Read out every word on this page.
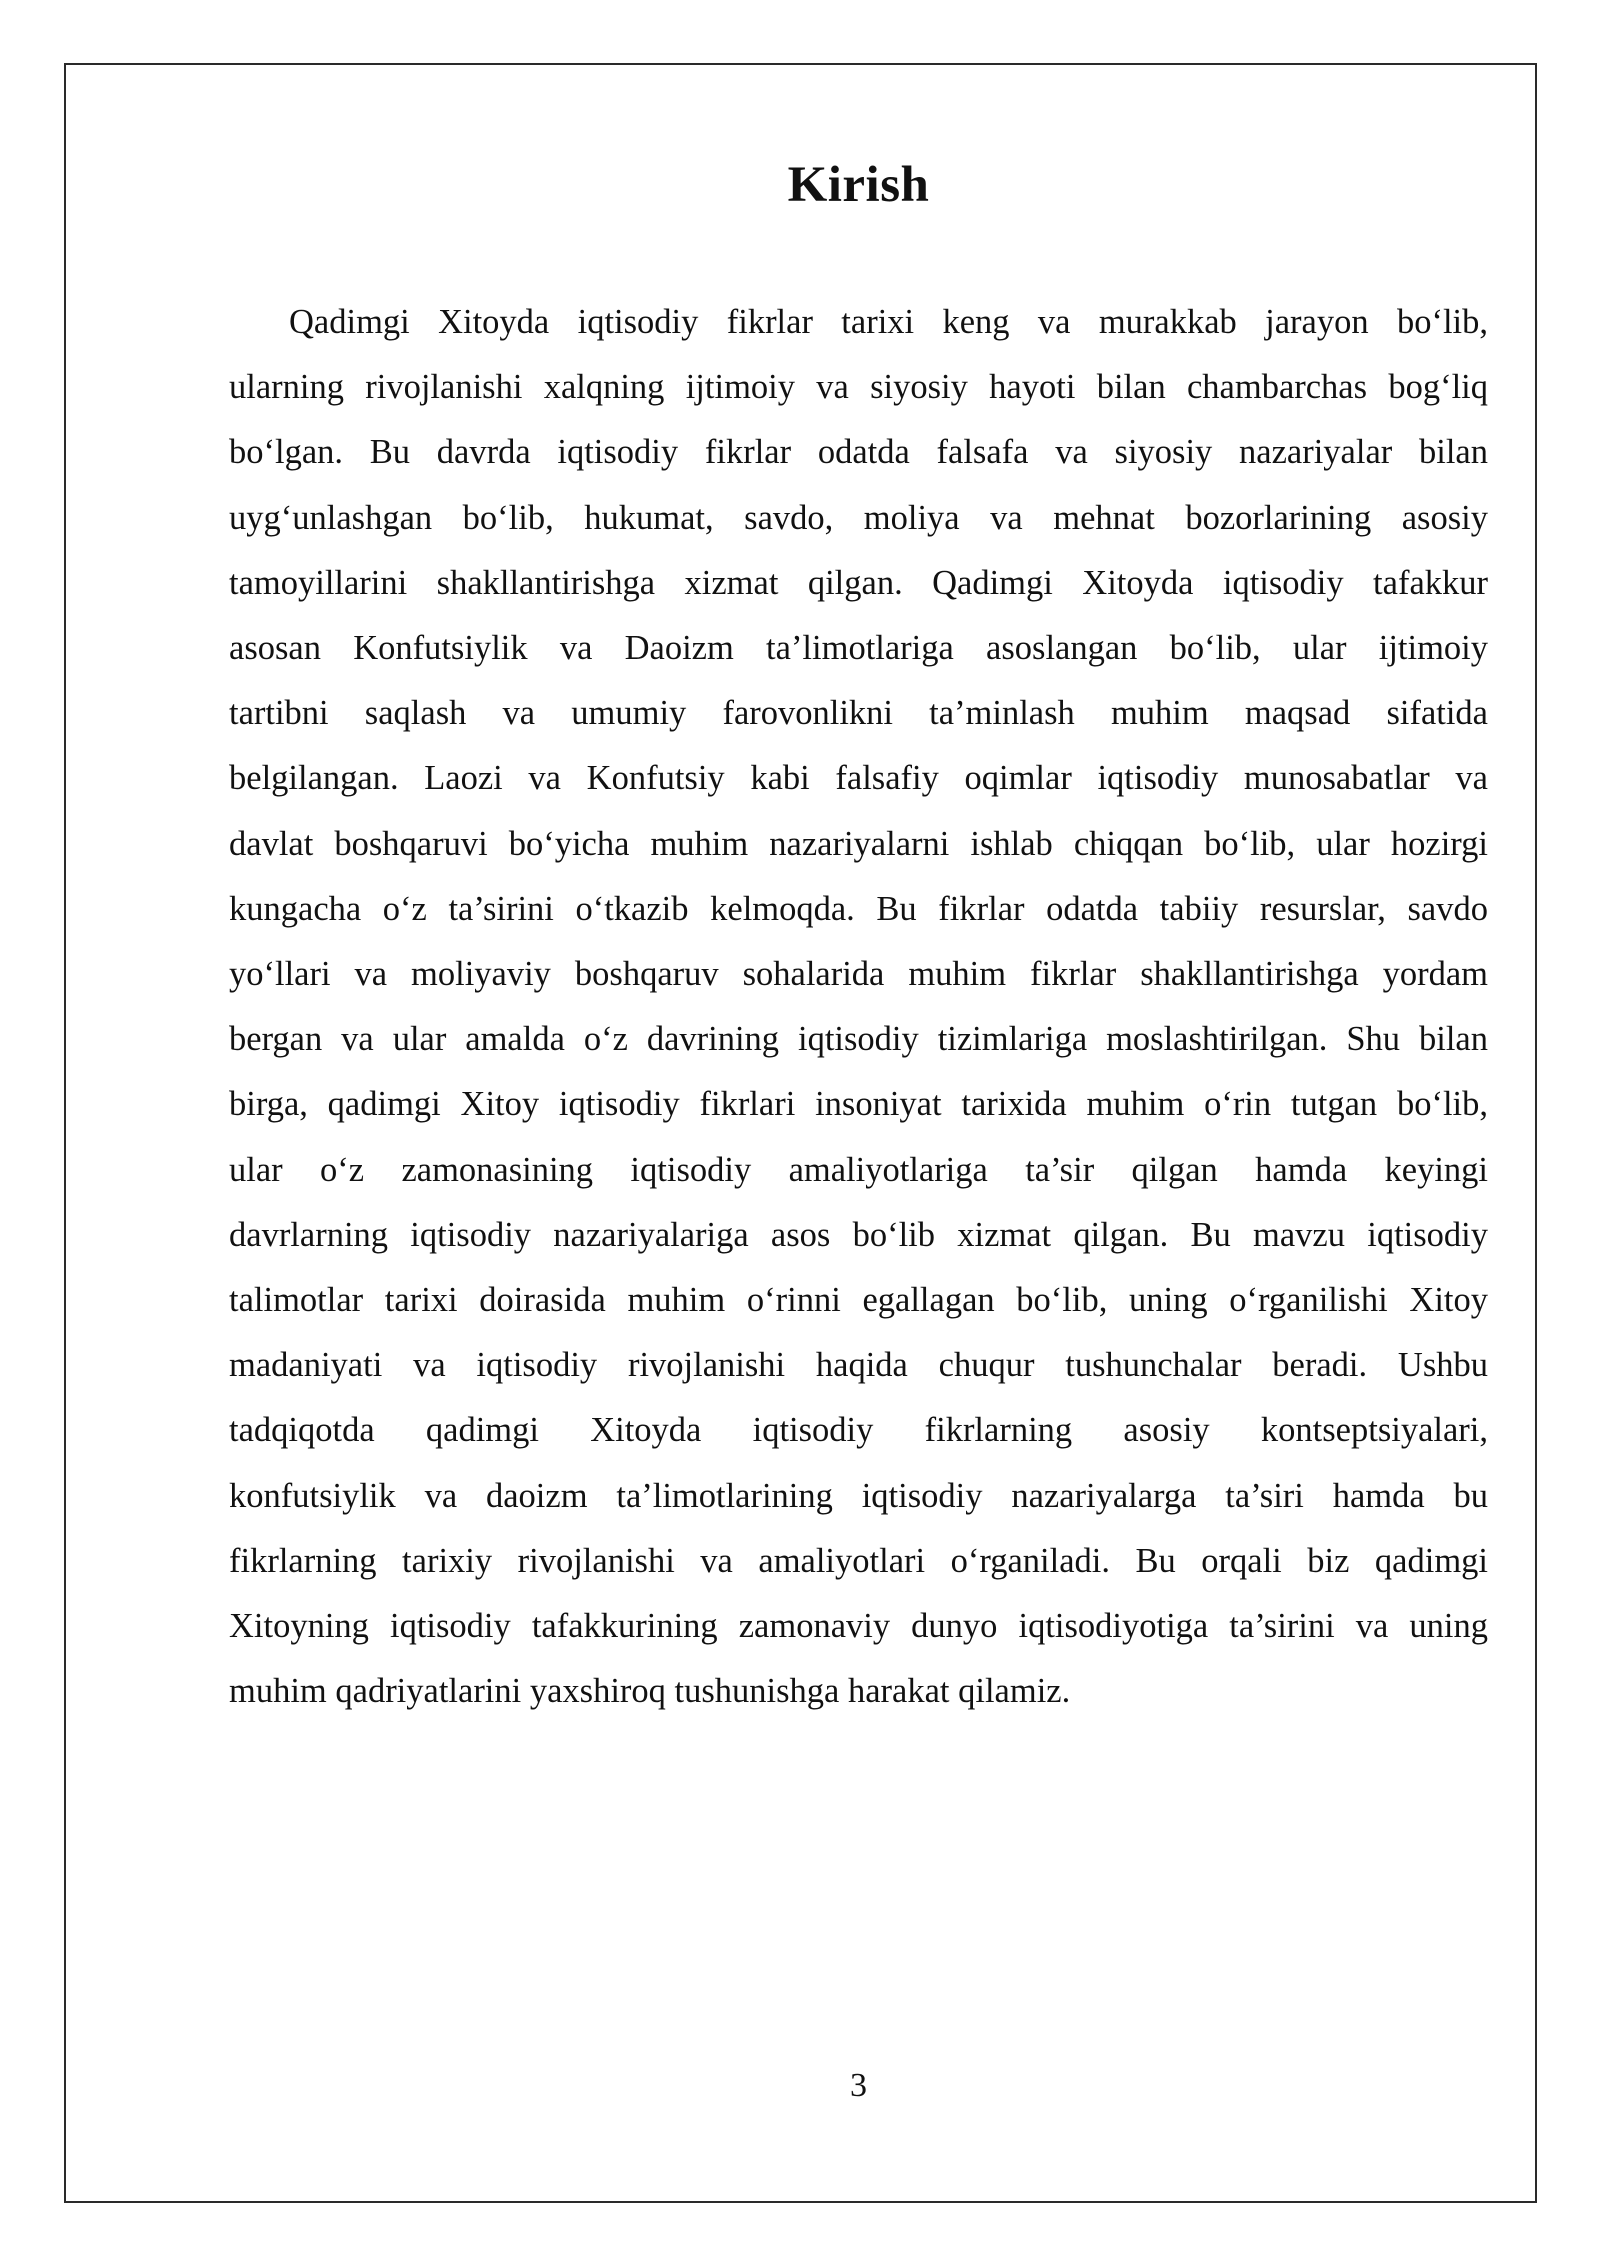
Kirish
Qadimgi Xitoyda iqtisodiy fikrlar tarixi keng va murakkab jarayon bo‘lib,
ularning rivojlanishi xalqning ijtimoiy va siyosiy hayoti bilan chambarchas bog‘liq
bo‘lgan. Bu davrda iqtisodiy fikrlar odatda falsafa va siyosiy nazariyalar bilan
uyg‘unlashgan bo‘lib, hukumat, savdo, moliya va mehnat bozorlarining asosiy
tamoyillarini shakllantirishga xizmat qilgan. Qadimgi Xitoyda iqtisodiy tafakkur
asosan Konfutsiylik va Daoizm ta’limotlariga asoslangan bo‘lib, ular ijtimoiy
tartibni saqlash va umumiy farovonlikni ta’minlash muhim maqsad sifatida
belgilangan. Laozi va Konfutsiy kabi falsafiy oqimlar iqtisodiy munosabatlar va
davlat boshqaruvi bo‘yicha muhim nazariyalarni ishlab chiqqan bo‘lib, ular hozirgi
kungacha o‘z ta’sirini o‘tkazib kelmoqda. Bu fikrlar odatda tabiiy resurslar, savdo
yo‘llari va moliyaviy boshqaruv sohalarida muhim fikrlar shakllantirishga yordam
bergan va ular amalda o‘z davrining iqtisodiy tizimlariga moslashtirilgan. Shu bilan
birga, qadimgi Xitoy iqtisodiy fikrlari insoniyat tarixida muhim o‘rin tutgan bo‘lib,
ular o‘z zamonasining iqtisodiy amaliyotlariga ta’sir qilgan hamda keyingi
davrlarning iqtisodiy nazariyalariga asos bo‘lib xizmat qilgan. Bu mavzu iqtisodiy
talimotlar tarixi doirasida muhim o‘rinni egallagan bo‘lib, uning o‘rganilishi Xitoy
madaniyati va iqtisodiy rivojlanishi haqida chuqur tushunchalar beradi. Ushbu
tadqiqotda qadimgi Xitoyda iqtisodiy fikrlarning asosiy kontseptsiyalari,
konfutsiylik va daoizm ta’limotlarining iqtisodiy nazariyalarga ta’siri hamda bu
fikrlarning tarixiy rivojlanishi va amaliyotlari o‘rganiladi. Bu orqali biz qadimgi
Xitoyning iqtisodiy tafakkurining zamonaviy dunyo iqtisodiyotiga ta’sirini va uning
muhim qadriyatlarini yaxshiroq tushunishga harakat qilamiz.
3
